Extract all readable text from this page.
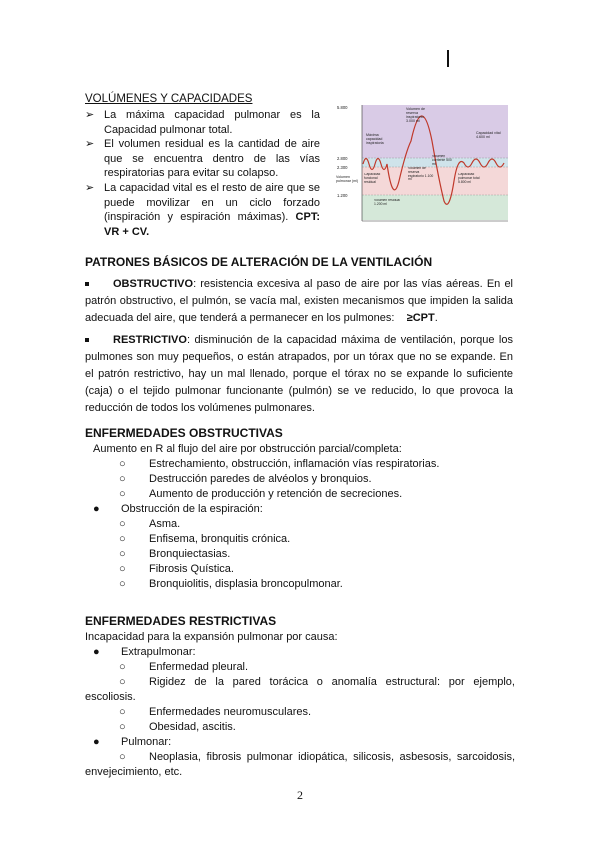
VOLÚMENES Y CAPACIDADES
➢ La máxima capacidad pulmonar es la Capacidad pulmonar total.
➢ El volumen residual es la cantidad de aire que se encuentra dentro de las vías respiratorias para evitar su colapso.
➢ La capacidad vital es el resto de aire que se puede movilizar en un ciclo forzado (inspiración y espiración máximas). CPT: VR + CV.
5.800
2.800
2.300
1.200
Volumen pulmonar (ml)
Volumen de reserva inspiratorio 3.000 ml
Máxima capacidad inspiratoria
Capacidad vital 4.600 ml
Volumen corriente 500 ml
Volumen de reserva espiratorio 1.100 ml
Capacidad funcional residual
Capacidad pulmonar total 5.800 ml
Volumen residual 1.200 ml
PATRONES BÁSICOS DE ALTERACIÓN DE LA VENTILACIÓN
OBSTRUCTIVO: resistencia excesiva al paso de aire por las vías aéreas. En el patrón obstructivo, el pulmón, se vacía mal, existen mecanismos que impiden la salida adecuada del aire, que tenderá a permanecer en los pulmones: ≥CPT.
RESTRICTIVO: disminución de la capacidad máxima de ventilación, porque los pulmones son muy pequeños, o están atrapados, por un tórax que no se expande. En el patrón restrictivo, hay un mal llenado, porque el tórax no se expande lo suficiente (caja) o el tejido pulmonar funcionante (pulmón) se ve reducido, lo que provoca la reducción de todos los volúmenes pulmonares.
ENFERMEDADES OBSTRUCTIVAS
Aumento en R al flujo del aire por obstrucción parcial/completa:
○ Estrechamiento, obstrucción, inflamación vías respiratorias.
○ Destrucción paredes de alvéolos y bronquios.
○ Aumento de producción y retención de secreciones.
● Obstrucción de la espiración:
○ Asma.
○ Enfisema, bronquitis crónica.
○ Bronquiectasias.
○ Fibrosis Quística.
○ Bronquiolitis, displasia broncopulmonar.
ENFERMEDADES RESTRICTIVAS
Incapacidad para la expansión pulmonar por causa:
● Extrapulmonar:
○ Enfermedad pleural.
○	Rigidez de la pared torácica o anomalía estructural: por ejemplo, escoliosis.
○ Enfermedades neuromusculares.
○ Obesidad, ascitis.
● Pulmonar:
○	Neoplasia, fibrosis pulmonar idiopática, silicosis, asbesosis, sarcoidosis, envejecimiento, etc.
2
